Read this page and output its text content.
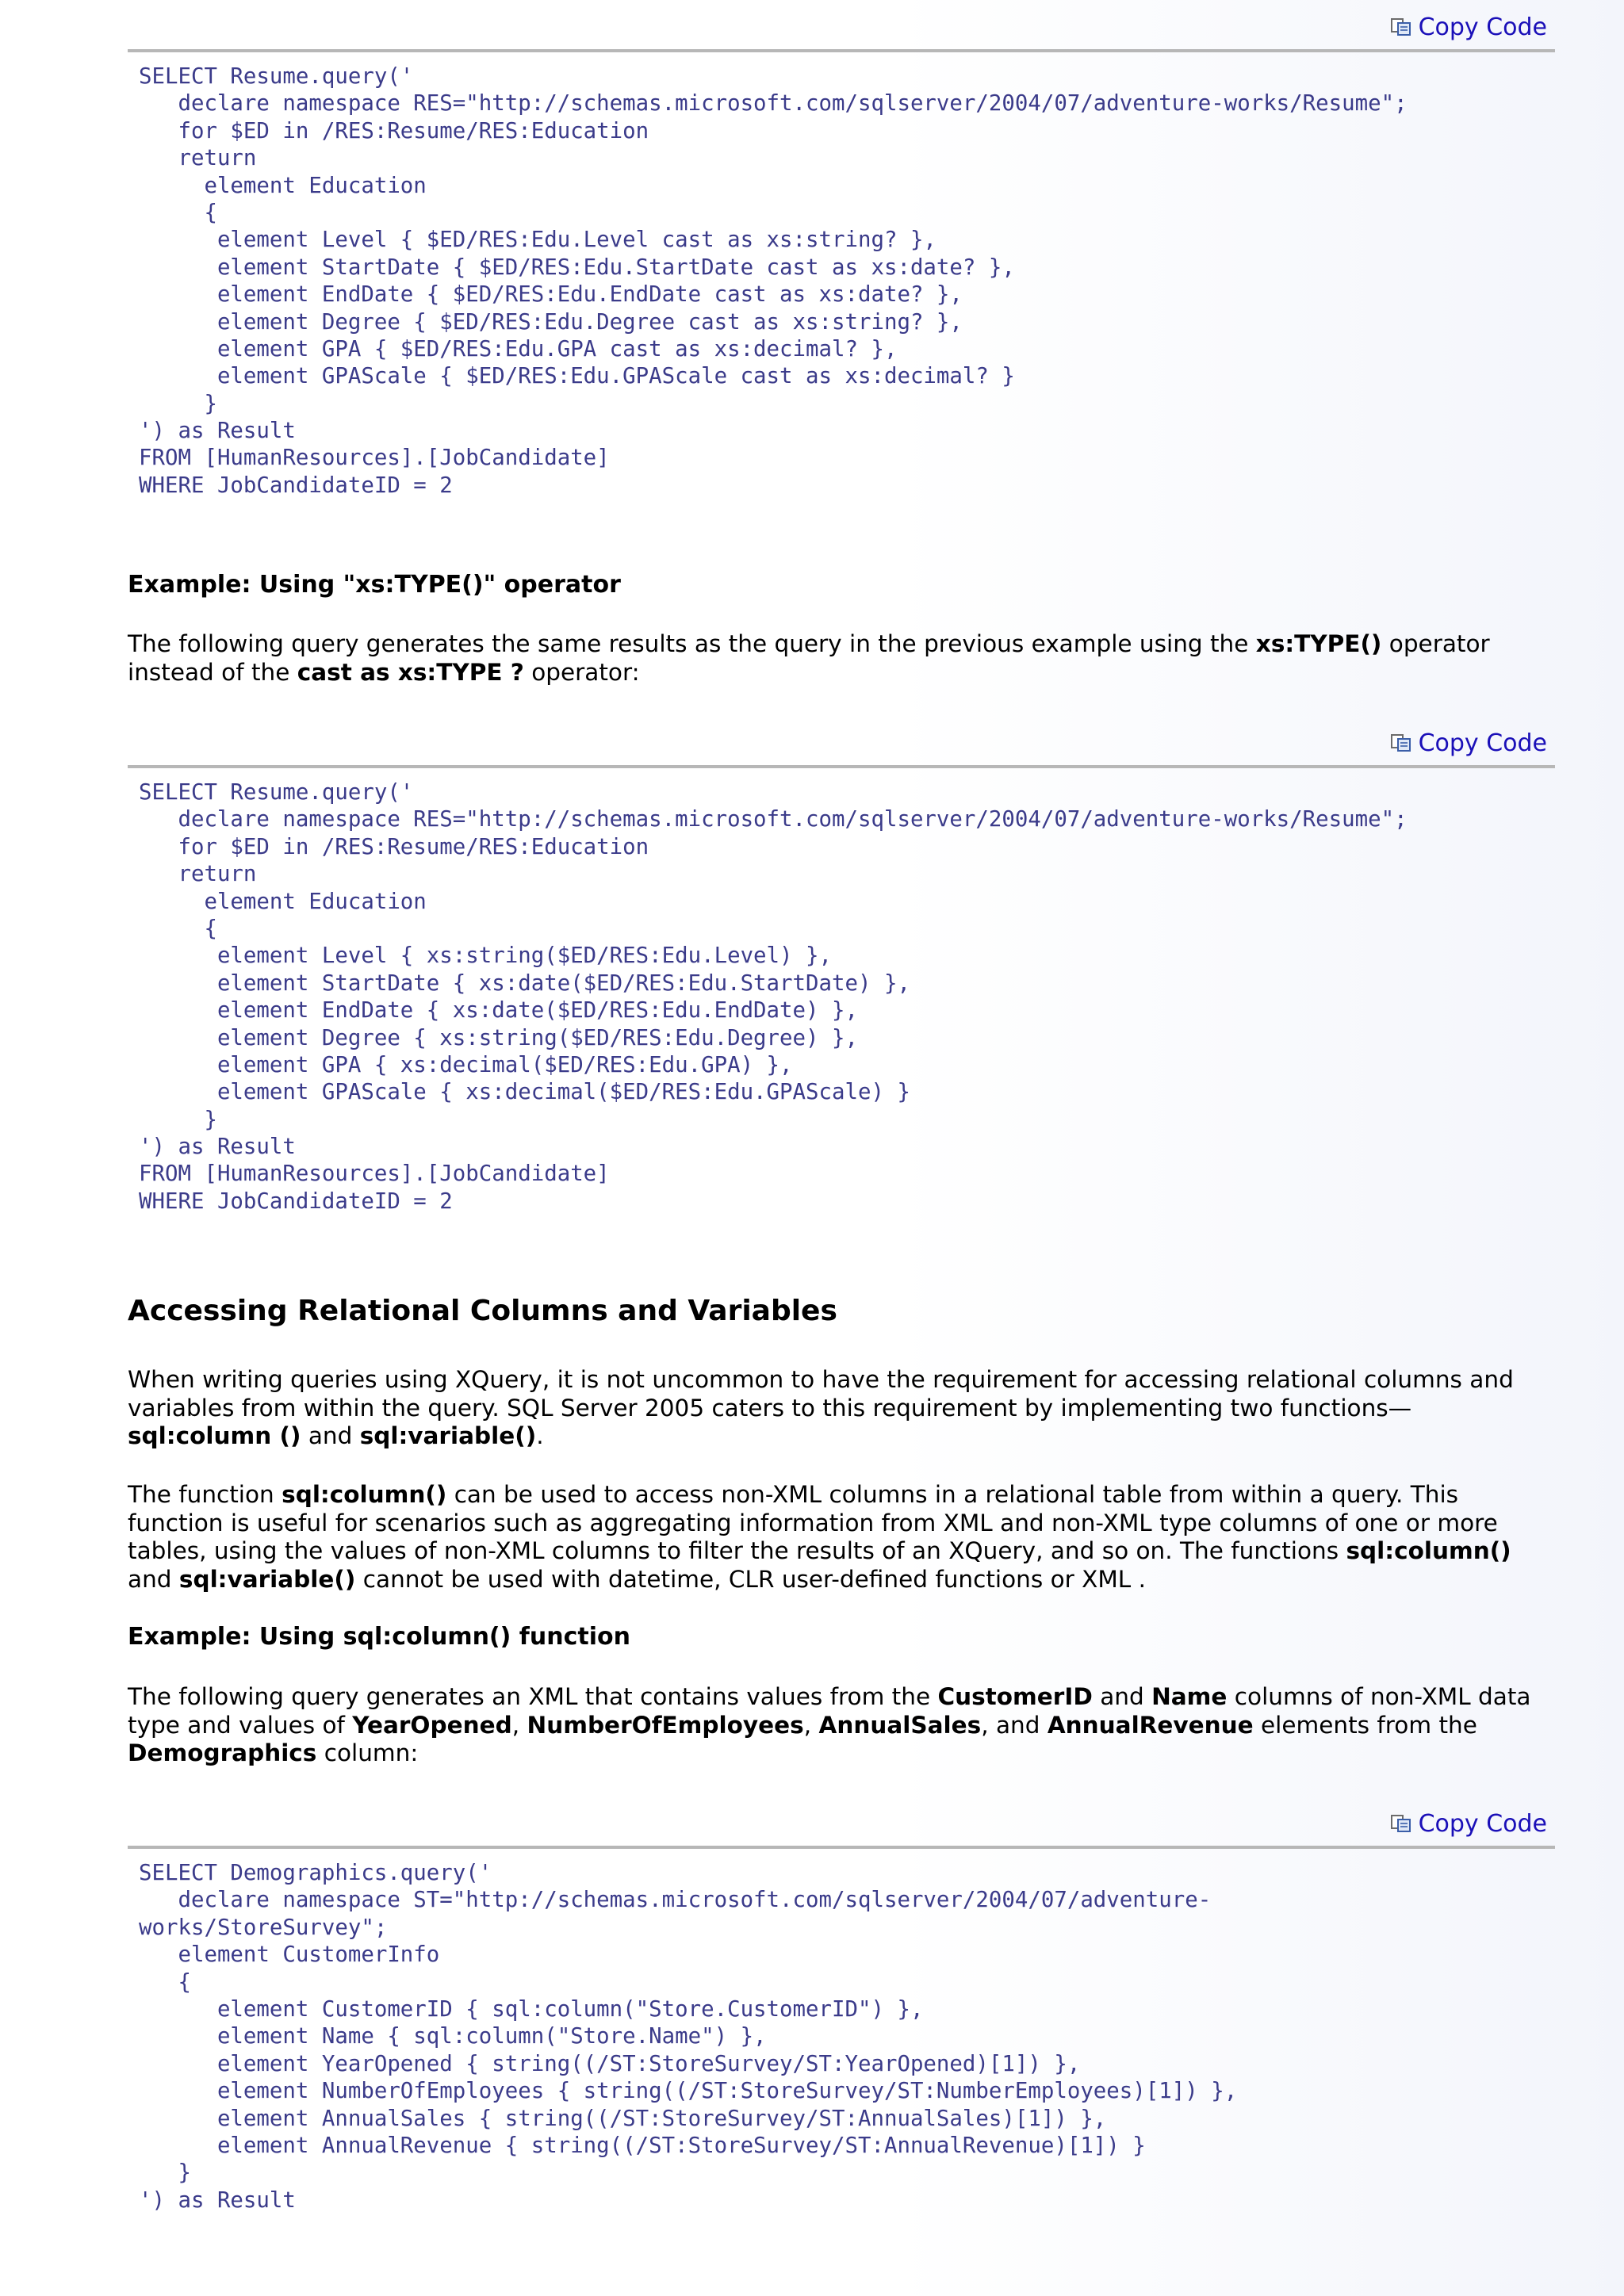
Copy Code
SELECT Resume.query('
declare namespace RES="http://schemas.microsoft.com/sqlserver/2004/07/adventure-works/Resume";
for $ED in /RES:Resume/RES:Education
return
element Education
{
element Level { $ED/RES:Edu.Level cast as xs:string? },
element StartDate { $ED/RES:Edu.StartDate cast as xs:date? },
element EndDate { $ED/RES:Edu.EndDate cast as xs:date? },
element Degree { $ED/RES:Edu.Degree cast as xs:string? },
element GPA { $ED/RES:Edu.GPA cast as xs:decimal? },
element GPAScale { $ED/RES:Edu.GPAScale cast as xs:decimal? }
}
') as Result
FROM [HumanResources].[JobCandidate]
WHERE JobCandidateID = 2
Example: Using "xs:TYPE()" operator

The following query generates the same results as the query in the previous example using the xs:TYPE() operator instead of the cast as xs:TYPE ? operator:

Copy Code
SELECT Resume.query('
declare namespace RES="http://schemas.microsoft.com/sqlserver/2004/07/adventure-works/Resume";
for $ED in /RES:Resume/RES:Education
return
element Education
{
element Level { xs:string($ED/RES:Edu.Level) },
element StartDate { xs:date($ED/RES:Edu.StartDate) },
element EndDate { xs:date($ED/RES:Edu.EndDate) },
element Degree { xs:string($ED/RES:Edu.Degree) },
element GPA { xs:decimal($ED/RES:Edu.GPA) },
element GPAScale { xs:decimal($ED/RES:Edu.GPAScale) }
}
') as Result
FROM [HumanResources].[JobCandidate]
WHERE JobCandidateID = 2
Accessing Relational Columns and Variables

When writing queries using XQuery, it is not uncommon to have the requirement for accessing relational columns and variables from within the query. SQL Server 2005 caters to this requirement by implementing two functions—sql:column () and sql:variable().

The function sql:column() can be used to access non-XML columns in a relational table from within a query. This function is useful for scenarios such as aggregating information from XML and non-XML type columns of one or more tables, using the values of non-XML columns to filter the results of an XQuery, and so on. The functions sql:column() and sql:variable() cannot be used with datetime, CLR user-defined functions or XML .

Example: Using sql:column() function

The following query generates an XML that contains values from the CustomerID and Name columns of non-XML data type and values of YearOpened, NumberOfEmployees, AnnualSales, and AnnualRevenue elements from the Demographics column:

Copy Code
SELECT Demographics.query('
declare namespace ST="http://schemas.microsoft.com/sqlserver/2004/07/adventure-
works/StoreSurvey";
element CustomerInfo
{
element CustomerID { sql:column("Store.CustomerID") },
element Name { sql:column("Store.Name") },
element YearOpened { string((/ST:StoreSurvey/ST:YearOpened)[1]) },
element NumberOfEmployees { string((/ST:StoreSurvey/ST:NumberEmployees)[1]) },
element AnnualSales { string((/ST:StoreSurvey/ST:AnnualSales)[1]) },
element AnnualRevenue { string((/ST:StoreSurvey/ST:AnnualRevenue)[1]) }
}
') as Result
